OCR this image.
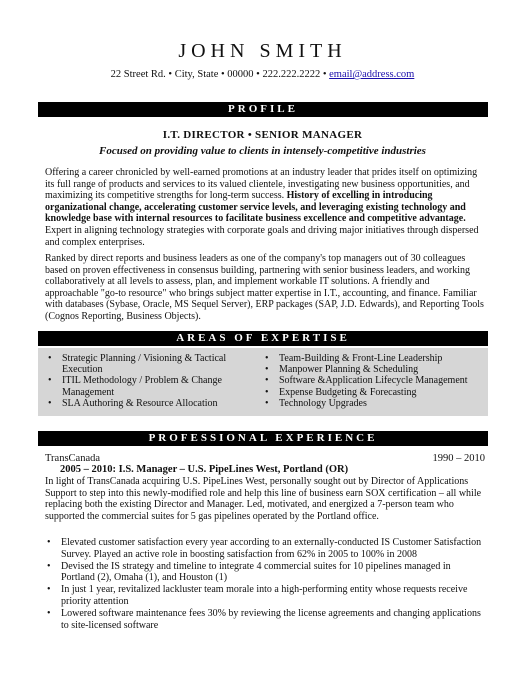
JOHN SMITH
22 Street Rd. • City, State • 00000 • 222.222.2222 • email@address.com
PROFILE
I.T. DIRECTOR • SENIOR MANAGER
Focused on providing value to clients in intensely-competitive industries
Offering a career chronicled by well-earned promotions at an industry leader that prides itself on optimizing its full range of products and services to its valued clientele, investigating new business opportunities, and maximizing its competitive strengths for long-term success. History of excelling in introducing organizational change, accelerating customer service levels, and leveraging existing technology and knowledge base with internal resources to facilitate business excellence and competitive advantage. Expert in aligning technology strategies with corporate goals and driving major initiatives through dispersed and complex enterprises.
Ranked by direct reports and business leaders as one of the company's top managers out of 30 colleagues based on proven effectiveness in consensus building, partnering with senior business leaders, and working collaboratively at all levels to assess, plan, and implement workable IT solutions. A friendly and approachable "go-to resource" who brings subject matter expertise in I.T., accounting, and finance. Familiar with databases (Sybase, Oracle, MS Sequel Server), ERP packages (SAP, J.D. Edwards), and Reporting Tools (Cognos Reporting, Business Objects).
AREAS OF EXPERTISE
• Strategic Planning / Visioning & Tactical Execution
• ITIL Methodology / Problem & Change Management
• SLA Authoring & Resource Allocation
• Team-Building & Front-Line Leadership
• Manpower Planning & Scheduling
• Software &Application Lifecycle Management
• Expense Budgeting & Forecasting
• Technology Upgrades
PROFESSIONAL EXPERIENCE
TransCanada	1990 – 2010
2005 – 2010: I.S. Manager – U.S. PipeLines West, Portland (OR)
In light of TransCanada acquiring U.S. PipeLines West, personally sought out by Director of Applications Support to step into this newly-modified role and help this line of business earn SOX certification – all while replacing both the existing Director and Manager. Led, motivated, and energized a 7-person team who supported the commercial suites for 5 gas pipelines operated by the Portland office.
• Elevated customer satisfaction every year according to an externally-conducted IS Customer Satisfaction Survey. Played an active role in boosting satisfaction from 62% in 2005 to 100% in 2008
• Devised the IS strategy and timeline to integrate 4 commercial suites for 10 pipelines managed in Portland (2), Omaha (1), and Houston (1)
• In just 1 year, revitalized lackluster team morale into a high-performing entity whose requests receive priority attention
• Lowered software maintenance fees 30% by reviewing the license agreements and changing applications to site-licensed software
